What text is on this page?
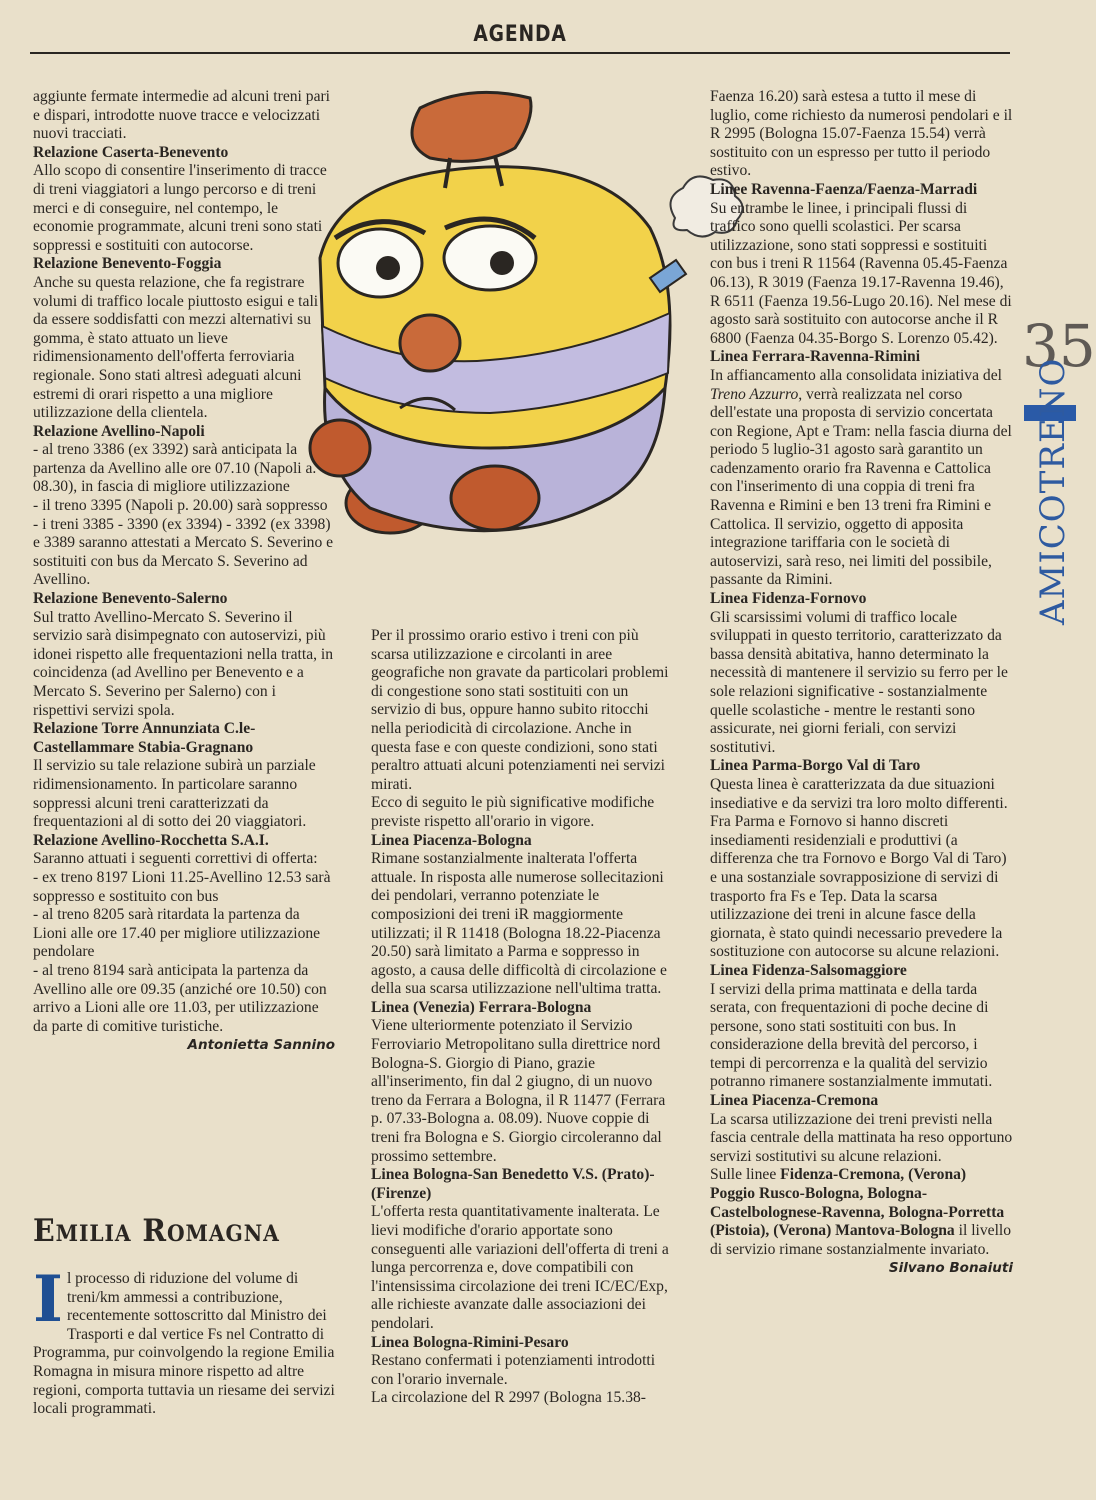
AGENDA

aggiunte fermate intermedie ad alcuni treni pari e dispari, introdotte nuove tracce e velocizzati nuovi tracciati.

Relazione Caserta-Benevento

Allo scopo di consentire l'inserimento di tracce di treni viaggiatori a lungo percorso e di treni merci e di conseguire, nel contempo, le economie programmate, alcuni treni sono stati soppressi e sostituiti con autocorse.

Relazione Benevento-Foggia

Anche su questa relazione, che fa registrare volumi di traffico locale piuttosto esigui e tali da essere soddisfatti con mezzi alternativi su gomma, è stato attuato un lieve ridimensionamento dell'offerta ferroviaria regionale. Sono stati altresì adeguati alcuni estremi di orari rispetto a una migliore utilizzazione della clientela.

Relazione Avellino-Napoli

- al treno 3386 (ex 3392) sarà anticipata la partenza da Avellino alle ore 07.10 (Napoli a. 08.30), in fascia di migliore utilizzazione

- il treno 3395 (Napoli p. 20.00) sarà soppresso

- i treni 3385 - 3390 (ex 3394) - 3392 (ex 3398) e 3389 saranno attestati a Mercato S. Severino e sostituiti con bus da Mercato S. Severino ad Avellino.

Relazione Benevento-Salerno

Sul tratto Avellino-Mercato S. Severino il servizio sarà disimpegnato con autoservizi, più idonei rispetto alle frequentazioni nella tratta, in coincidenza (ad Avellino per Benevento e a Mercato S. Severino per Salerno) con i rispettivi servizi spola.

Relazione Torre Annunziata C.le-Castellammare Stabia-Gragnano

Il servizio su tale relazione subirà un parziale ridimensionamento. In particolare saranno soppressi alcuni treni caratterizzati da frequentazioni al di sotto dei 20 viaggiatori.

Relazione Avellino-Rocchetta S.A.I.

Saranno attuati i seguenti correttivi di offerta:

- ex treno 8197 Lioni 11.25-Avellino 12.53 sarà soppresso e sostituito con bus

- al treno 8205 sarà ritardata la partenza da Lioni alle ore 17.40 per migliore utilizzazione pendolare

- al treno 8194 sarà anticipata la partenza da Avellino alle ore 09.35 (anziché ore 10.50) con arrivo a Lioni alle ore 11.03, per utilizzazione da parte di comitive turistiche.

Antonietta Sannino

Emilia Romagna
Il processo di riduzione del volume di treni/km ammessi a contribuzione, recentemente sottoscritto dal Ministro dei Trasporti e dal vertice Fs nel Contratto di Programma, pur coinvolgendo la regione Emilia Romagna in misura minore rispetto ad altre regioni, comporta tuttavia un riesame dei servizi locali programmati.

Per il prossimo orario estivo i treni con più scarsa utilizzazione e circolanti in aree geografiche non gravate da particolari problemi di congestione sono stati sostituiti con un servizio di bus, oppure hanno subito ritocchi nella periodicità di circolazione. Anche in questa fase e con queste condizioni, sono stati peraltro attuati alcuni potenziamenti nei servizi mirati.

Ecco di seguito le più significative modifiche previste rispetto all'orario in vigore.

Linea Piacenza-Bologna

Rimane sostanzialmente inalterata l'offerta attuale. In risposta alle numerose sollecitazioni dei pendolari, verranno potenziate le composizioni dei treni iR maggiormente utilizzati; il R 11418 (Bologna 18.22-Piacenza 20.50) sarà limitato a Parma e soppresso in agosto, a causa delle difficoltà di circolazione e della sua scarsa utilizzazione nell'ultima tratta.

Linea (Venezia) Ferrara-Bologna

Viene ulteriormente potenziato il Servizio Ferroviario Metropolitano sulla direttrice nord Bologna-S. Giorgio di Piano, grazie all'inserimento, fin dal 2 giugno, di un nuovo treno da Ferrara a Bologna, il R 11477 (Ferrara p. 07.33-Bologna a. 08.09). Nuove coppie di treni fra Bologna e S. Giorgio circoleranno dal prossimo settembre.

Linea Bologna-San Benedetto V.S. (Prato)-(Firenze)

L'offerta resta quantitativamente inalterata. Le lievi modifiche d'orario apportate sono conseguenti alle variazioni dell'offerta di treni a lunga percorrenza e, dove compatibili con l'intensissima circolazione dei treni IC/EC/Exp, alle richieste avanzate dalle associazioni dei pendolari.

Linea Bologna-Rimini-Pesaro

Restano confermati i potenziamenti introdotti con l'orario invernale.

La circolazione del R 2997 (Bologna 15.38-

Faenza 16.20) sarà estesa a tutto il mese di luglio, come richiesto da numerosi pendolari e il R 2995 (Bologna 15.07-Faenza 15.54) verrà sostituito con un espresso per tutto il periodo estivo.

Linee Ravenna-Faenza/Faenza-Marradi

Su entrambe le linee, i principali flussi di traffico sono quelli scolastici. Per scarsa utilizzazione, sono stati soppressi e sostituiti con bus i treni R 11564 (Ravenna 05.45-Faenza 06.13), R 3019 (Faenza 19.17-Ravenna 19.46), R 6511 (Faenza 19.56-Lugo 20.16). Nel mese di agosto sarà sostituito con autocorse anche il R 6800 (Faenza 04.35-Borgo S. Lorenzo 05.42).

Linea Ferrara-Ravenna-Rimini

In affiancamento alla consolidata iniziativa del Treno Azzurro, verrà realizzata nel corso dell'estate una proposta di servizio concertata con Regione, Apt e Tram: nella fascia diurna del periodo 5 luglio-31 agosto sarà garantito un cadenzamento orario fra Ravenna e Cattolica con l'inserimento di una coppia di treni fra Ravenna e Rimini e ben 13 treni fra Rimini e Cattolica. Il servizio, oggetto di apposita integrazione tariffaria con le società di autoservizi, sarà reso, nei limiti del possibile, passante da Rimini.

Linea Fidenza-Fornovo

Gli scarsissimi volumi di traffico locale sviluppati in questo territorio, caratterizzato da bassa densità abitativa, hanno determinato la necessità di mantenere il servizio su ferro per le sole relazioni significative - sostanzialmente quelle scolastiche - mentre le restanti sono assicurate, nei giorni feriali, con servizi sostitutivi.

Linea Parma-Borgo Val di Taro

Questa linea è caratterizzata da due situazioni insediative e da servizi tra loro molto differenti. Fra Parma e Fornovo si hanno discreti insediamenti residenziali e produttivi (a differenza che tra Fornovo e Borgo Val di Taro) e una sostanziale sovrapposizione di servizi di trasporto fra Fs e Tep. Data la scarsa utilizzazione dei treni in alcune fasce della giornata, è stato quindi necessario prevedere la sostituzione con autocorse su alcune relazioni.

Linea Fidenza-Salsomaggiore

I servizi della prima mattinata e della tarda serata, con frequentazioni di poche decine di persone, sono stati sostituiti con bus. In considerazione della brevità del percorso, i tempi di percorrenza e la qualità del servizio potranno rimanere sostanzialmente immutati.

Linea Piacenza-Cremona

La scarsa utilizzazione dei treni previsti nella fascia centrale della mattinata ha reso opportuno servizi sostitutivi su alcune relazioni.

Sulle linee Fidenza-Cremona, (Verona) Poggio Rusco-Bologna, Bologna-Castelbolognese-Ravenna, Bologna-Porretta (Pistoia), (Verona) Mantova-Bologna il livello di servizio rimane sostanzialmente invariato.

Silvano Bonaiuti

35
AMICOTRENO
